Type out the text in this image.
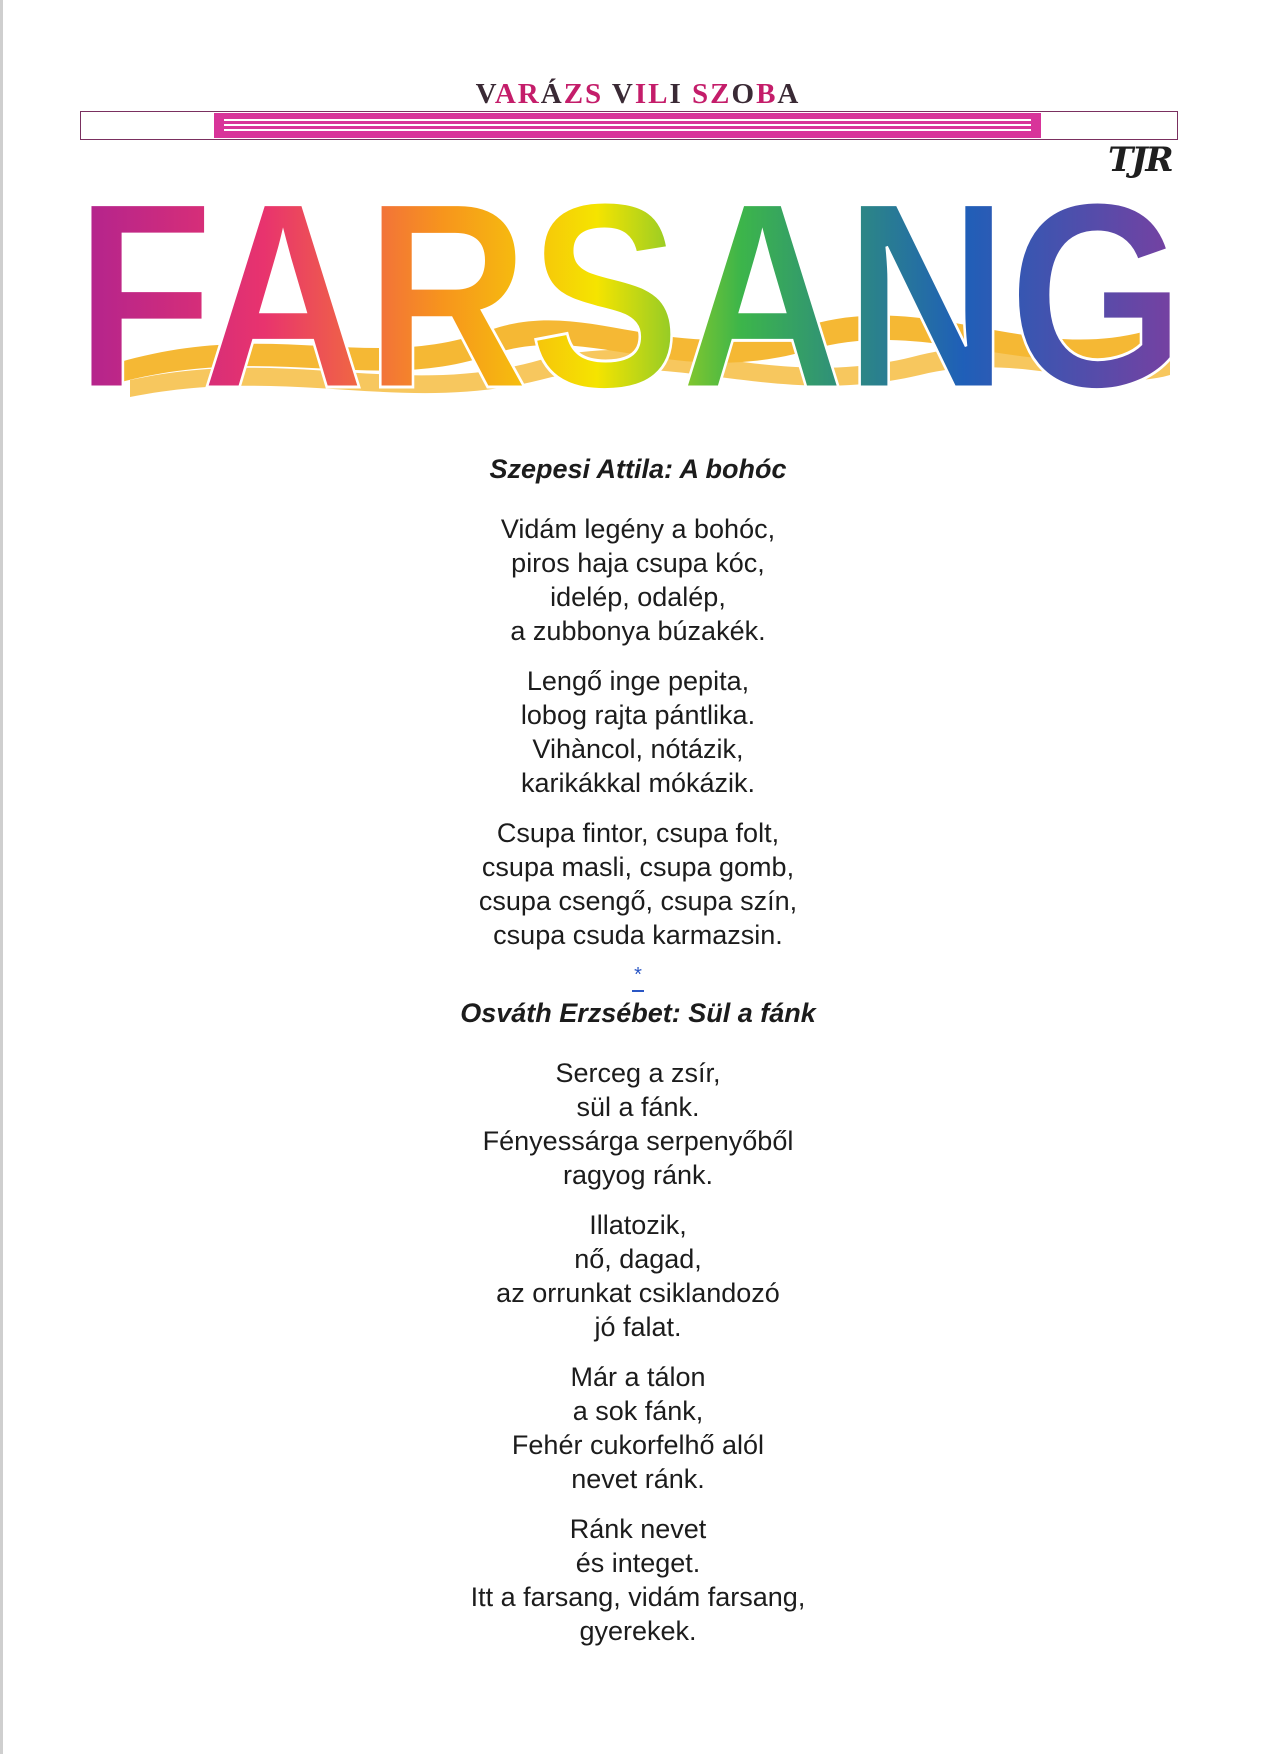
VARÁZS VILI SZOBA
TJR
FARSANG
Szepesi Attila: A bohóc
Vidám legény a bohóc,
piros haja csupa kóc,
idelép, odalép,
a zubbonya búzakék.
Lengő inge pepita,
lobog rajta pántlika.
Vihàncol, nótázik,
karikákkal mókázik.
Csupa fintor, csupa folt,
csupa masli, csupa gomb,
csupa csengő, csupa szín,
csupa csuda karmazsin.
*
Osváth Erzsébet: Sül a fánk
Serceg a zsír,
sül a fánk.
Fényessárga serpenyőből
ragyog ránk.
Illatozik,
nő, dagad,
az orrunkat csiklandozó
jó falat.
Már a tálon
a sok fánk,
Fehér cukorfelhő alól
nevet ránk.
Ránk nevet
és integet.
Itt a farsang, vidám farsang,
gyerekek.
